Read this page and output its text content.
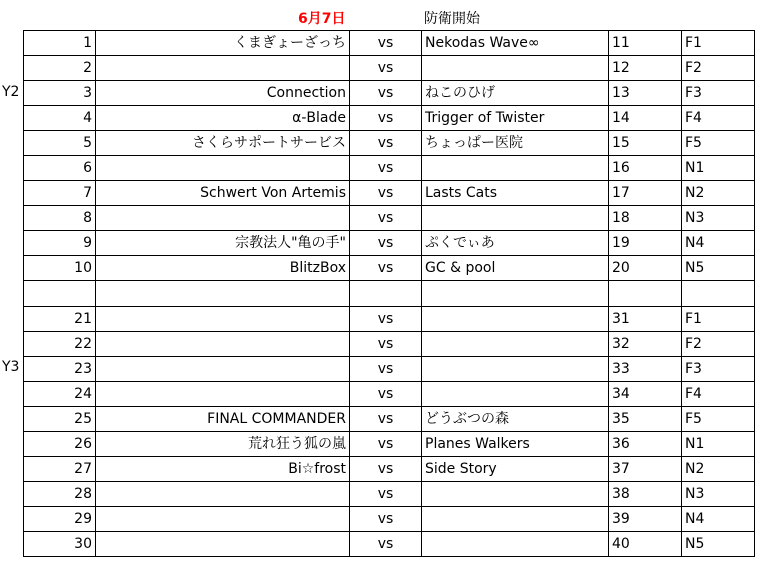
6月7日	防衛開始
Y2
Y3
1	くまぎょーざっち	vs	Nekodas Wave∞	11	F1
2		vs		12	F2
3	Connection	vs	ねこのひげ	13	F3
4	α-Blade	vs	Trigger of Twister	14	F4
5	さくらサポートサービス	vs	ちょっぱー医院	15	F5
6		vs		16	N1
7	Schwert Von Artemis	vs	Lasts Cats	17	N2
8		vs		18	N3
9	宗教法人"亀の手"	vs	ぷくでぃあ	19	N4
10	BlitzBox	vs	GC & pool	20	N5

21		vs		31	F1
22		vs		32	F2
23		vs		33	F3
24		vs		34	F4
25	FINAL COMMANDER	vs	どうぶつの森	35	F5
26	荒れ狂う狐の嵐	vs	Planes Walkers	36	N1
27	Bi☆frost	vs	Side Story	37	N2
28		vs		38	N3
29		vs		39	N4
30		vs		40	N5
